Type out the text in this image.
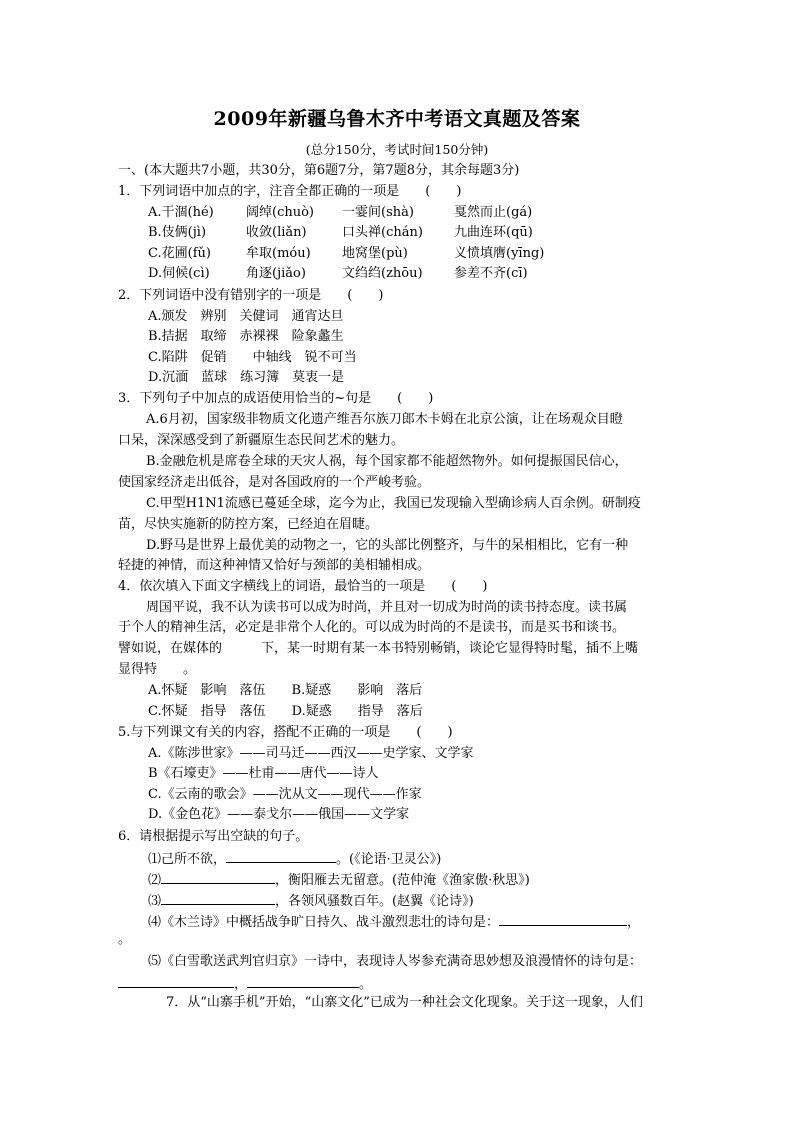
2009年新疆乌鲁木齐中考语文真题及答案
(总分150分，考试时间150分钟)
一、(本大题共7小题，共30分，第6题7分，第7题8分，其余每题3分)
1．下列词语中加点的字，注音全都正确的一项是　　(　　)
A.干涸(hé) 阔绰(chuò) 一霎间(shà)	戛然而止(gá)
B.伎俩(jì)	收敛(liǎn)	口头禅(chán) 九曲连环(qū)
C.花圃(fǔ)	牟取(móu) 地窝堡(pù)	义愤填膺(yīng)
D.伺候(cì)	角逐(jiǎo)	文绉绉(zhōu) 参差不齐(cī)
2．下列词语中没有错别字的一项是　　(　　)
A.颁发　辨别　关健词　通宵达旦
B.拮据　取缔　赤裸裸　险象蠡生
C.陷阱　促销　　中轴线　锐不可当
D.沉湎　蓝球　练习簿　莫衷一是
3．下列句子中加点的成语使用恰当的~句是　　(　　)
A.6月初，国家级非物质文化遗产维吾尔族刀郎木卡姆在北京公演，让在场观众目瞪
口呆，深深感受到了新疆原生态民间艺术的魅力。
B.金融危机是席卷全球的天灾人祸，每个国家都不能超然物外。如何提振国民信心，
使国家经济走出低谷，是对各国政府的一个严峻考验。
C.甲型H1N1流感已蔓延全球，迄今为止，我国已发现输入型确诊病人百余例。研制疫
苗，尽快实施新的防控方案，已经迫在眉睫。
D.野马是世界上最优美的动物之一，它的头部比例整齐，与牛的呆相相比，它有一种
轻捷的神情，而这种神情又恰好与颈部的美相辅相成。
4．依次填入下面文字横线上的词语，最恰当的一项是　　(　　)
周国平说，我不认为读书可以成为时尚，并且对一切成为时尚的读书持态度。读书属
于个人的精神生活，必定是非常个人化的。可以成为时尚的不是读书，而是买书和谈书。
譬如说，在媒体的　　　下，某一时期有某一本书特别畅销，谈论它显得特时髦，插不上嘴
显得特　　。
A.怀疑　影响　落伍　　B.疑惑　　影响　落后
C.怀疑　指导　落伍　　D.疑惑　　指导　落后
5.与下列课文有关的内容，搭配不正确的一项是　　(　　)
A.《陈涉世家》——司马迁——西汉——史学家、文学家
B《石壕吏》——杜甫——唐代——诗人
C.《云南的歌会》——沈从文——现代——作家
D.《金色花》——泰戈尔——俄国——文学家
6．请根据提示写出空缺的句子。
⑴己所不欲，	。(《论语·卫灵公》)
⑵	，衡阳雁去无留意。(范仲淹《渔家傲·秋思》)
⑶	，各领风骚数百年。(赵翼《论诗》)
⑷《木兰诗》中概括战争旷日持久、战斗激烈悲壮的诗句是：	，
。
⑸《白雪歌送武判官归京》一诗中，表现诗人岑参充满奇思妙想及浪漫情怀的诗句是：
，	。
7．从“山寨手机”开始，“山寨文化”已成为一种社会文化现象。关于这一现象，人们
